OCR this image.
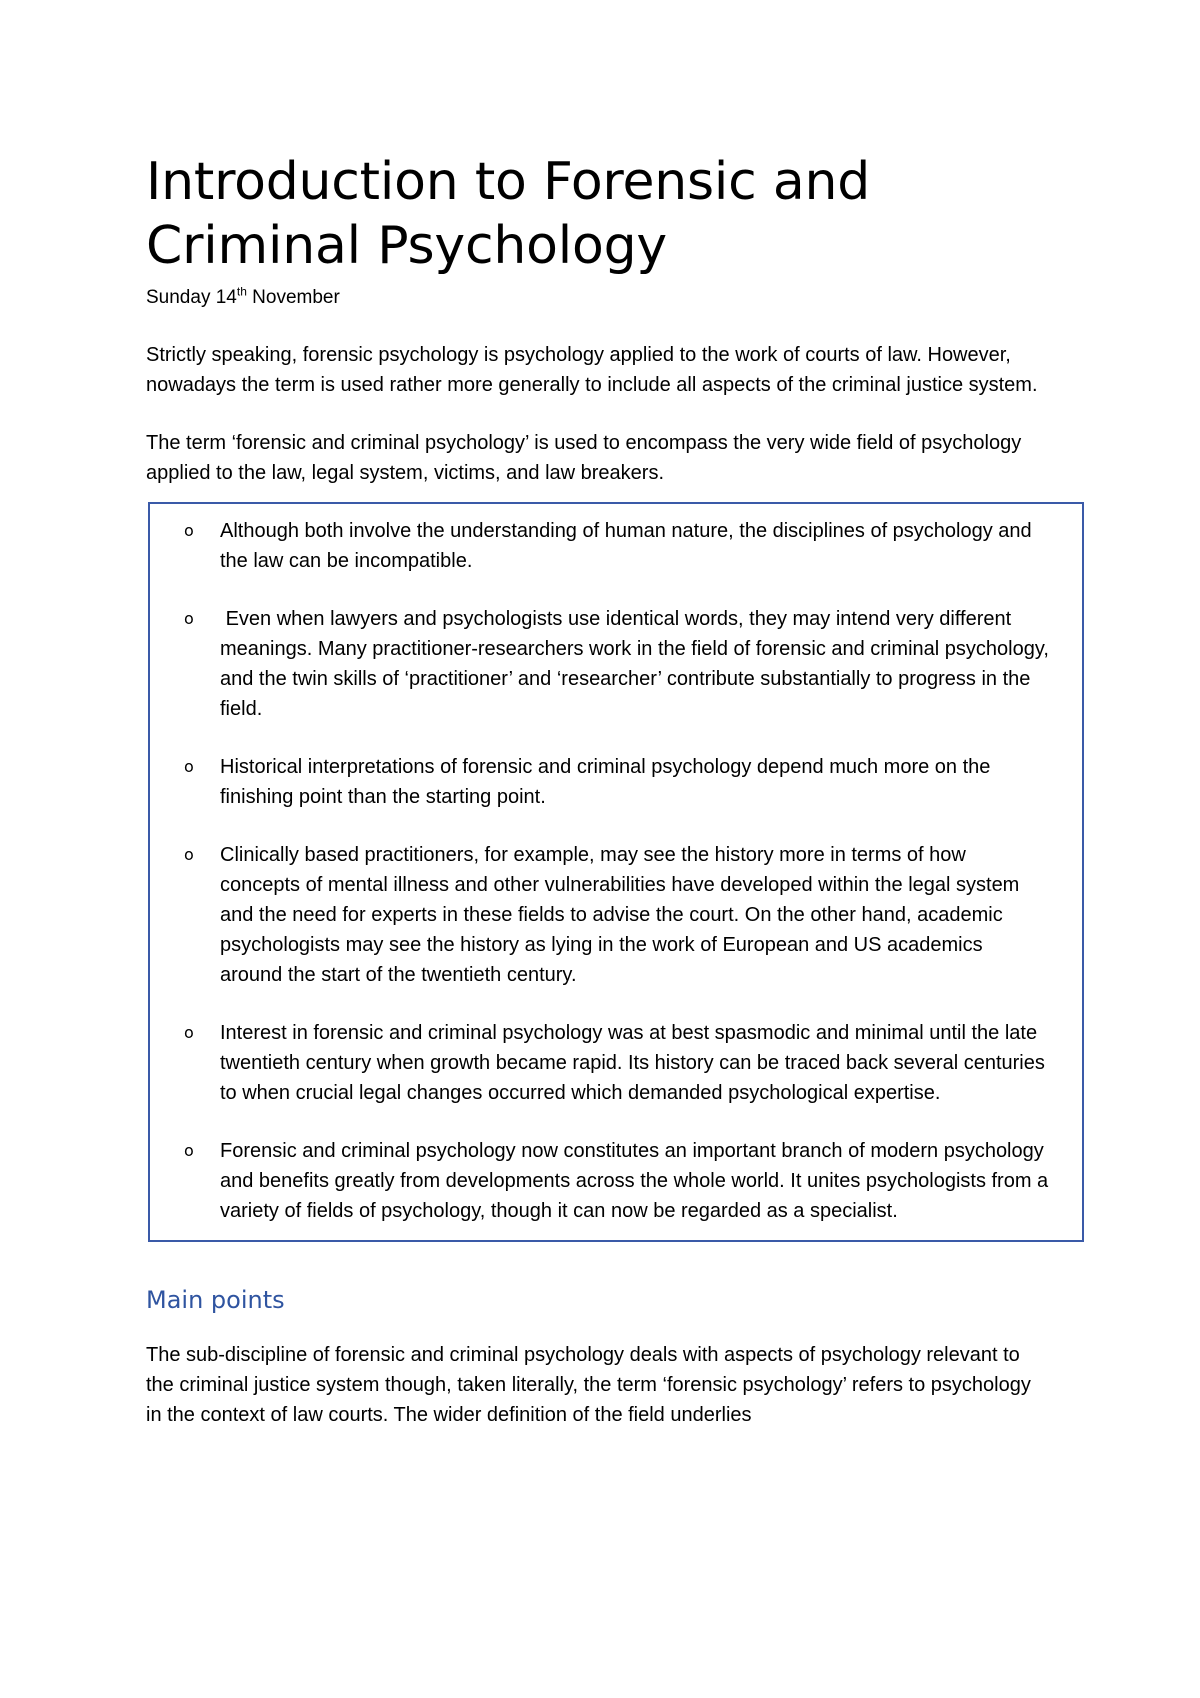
Introduction to Forensic and
Criminal Psychology
Sunday 14th November

Strictly speaking, forensic psychology is psychology applied to the work of courts of law. However, nowadays the term is used rather more generally to include all aspects of the criminal justice system.

The term ‘forensic and criminal psychology’ is used to encompass the very wide field of psychology applied to the law, legal system, victims, and law breakers.

o	Although both involve the understanding of human nature, the disciplines of psychology and the law can be incompatible.
o	Even when lawyers and psychologists use identical words, they may intend very different meanings. Many practitioner-researchers work in the field of forensic and criminal psychology, and the twin skills of ‘practitioner’ and ‘researcher’ contribute substantially to progress in the field.
o	Historical interpretations of forensic and criminal psychology depend much more on the finishing point than the starting point.
o	Clinically based practitioners, for example, may see the history more in terms of how concepts of mental illness and other vulnerabilities have developed within the legal system and the need for experts in these fields to advise the court. On the other hand, academic psychologists may see the history as lying in the work of European and US academics around the start of the twentieth century.
o	Interest in forensic and criminal psychology was at best spasmodic and minimal until the late twentieth century when growth became rapid. Its history can be traced back several centuries to when crucial legal changes occurred which demanded psychological expertise.
o	Forensic and criminal psychology now constitutes an important branch of modern psychology and benefits greatly from developments across the whole world. It unites psychologists from a variety of fields of psychology, though it can now be regarded as a specialist.
Main points

The sub-discipline of forensic and criminal psychology deals with aspects of psychology relevant to the criminal justice system though, taken literally, the term ‘forensic psychology’ refers to psychology in the context of law courts. The wider definition of the field underlies
